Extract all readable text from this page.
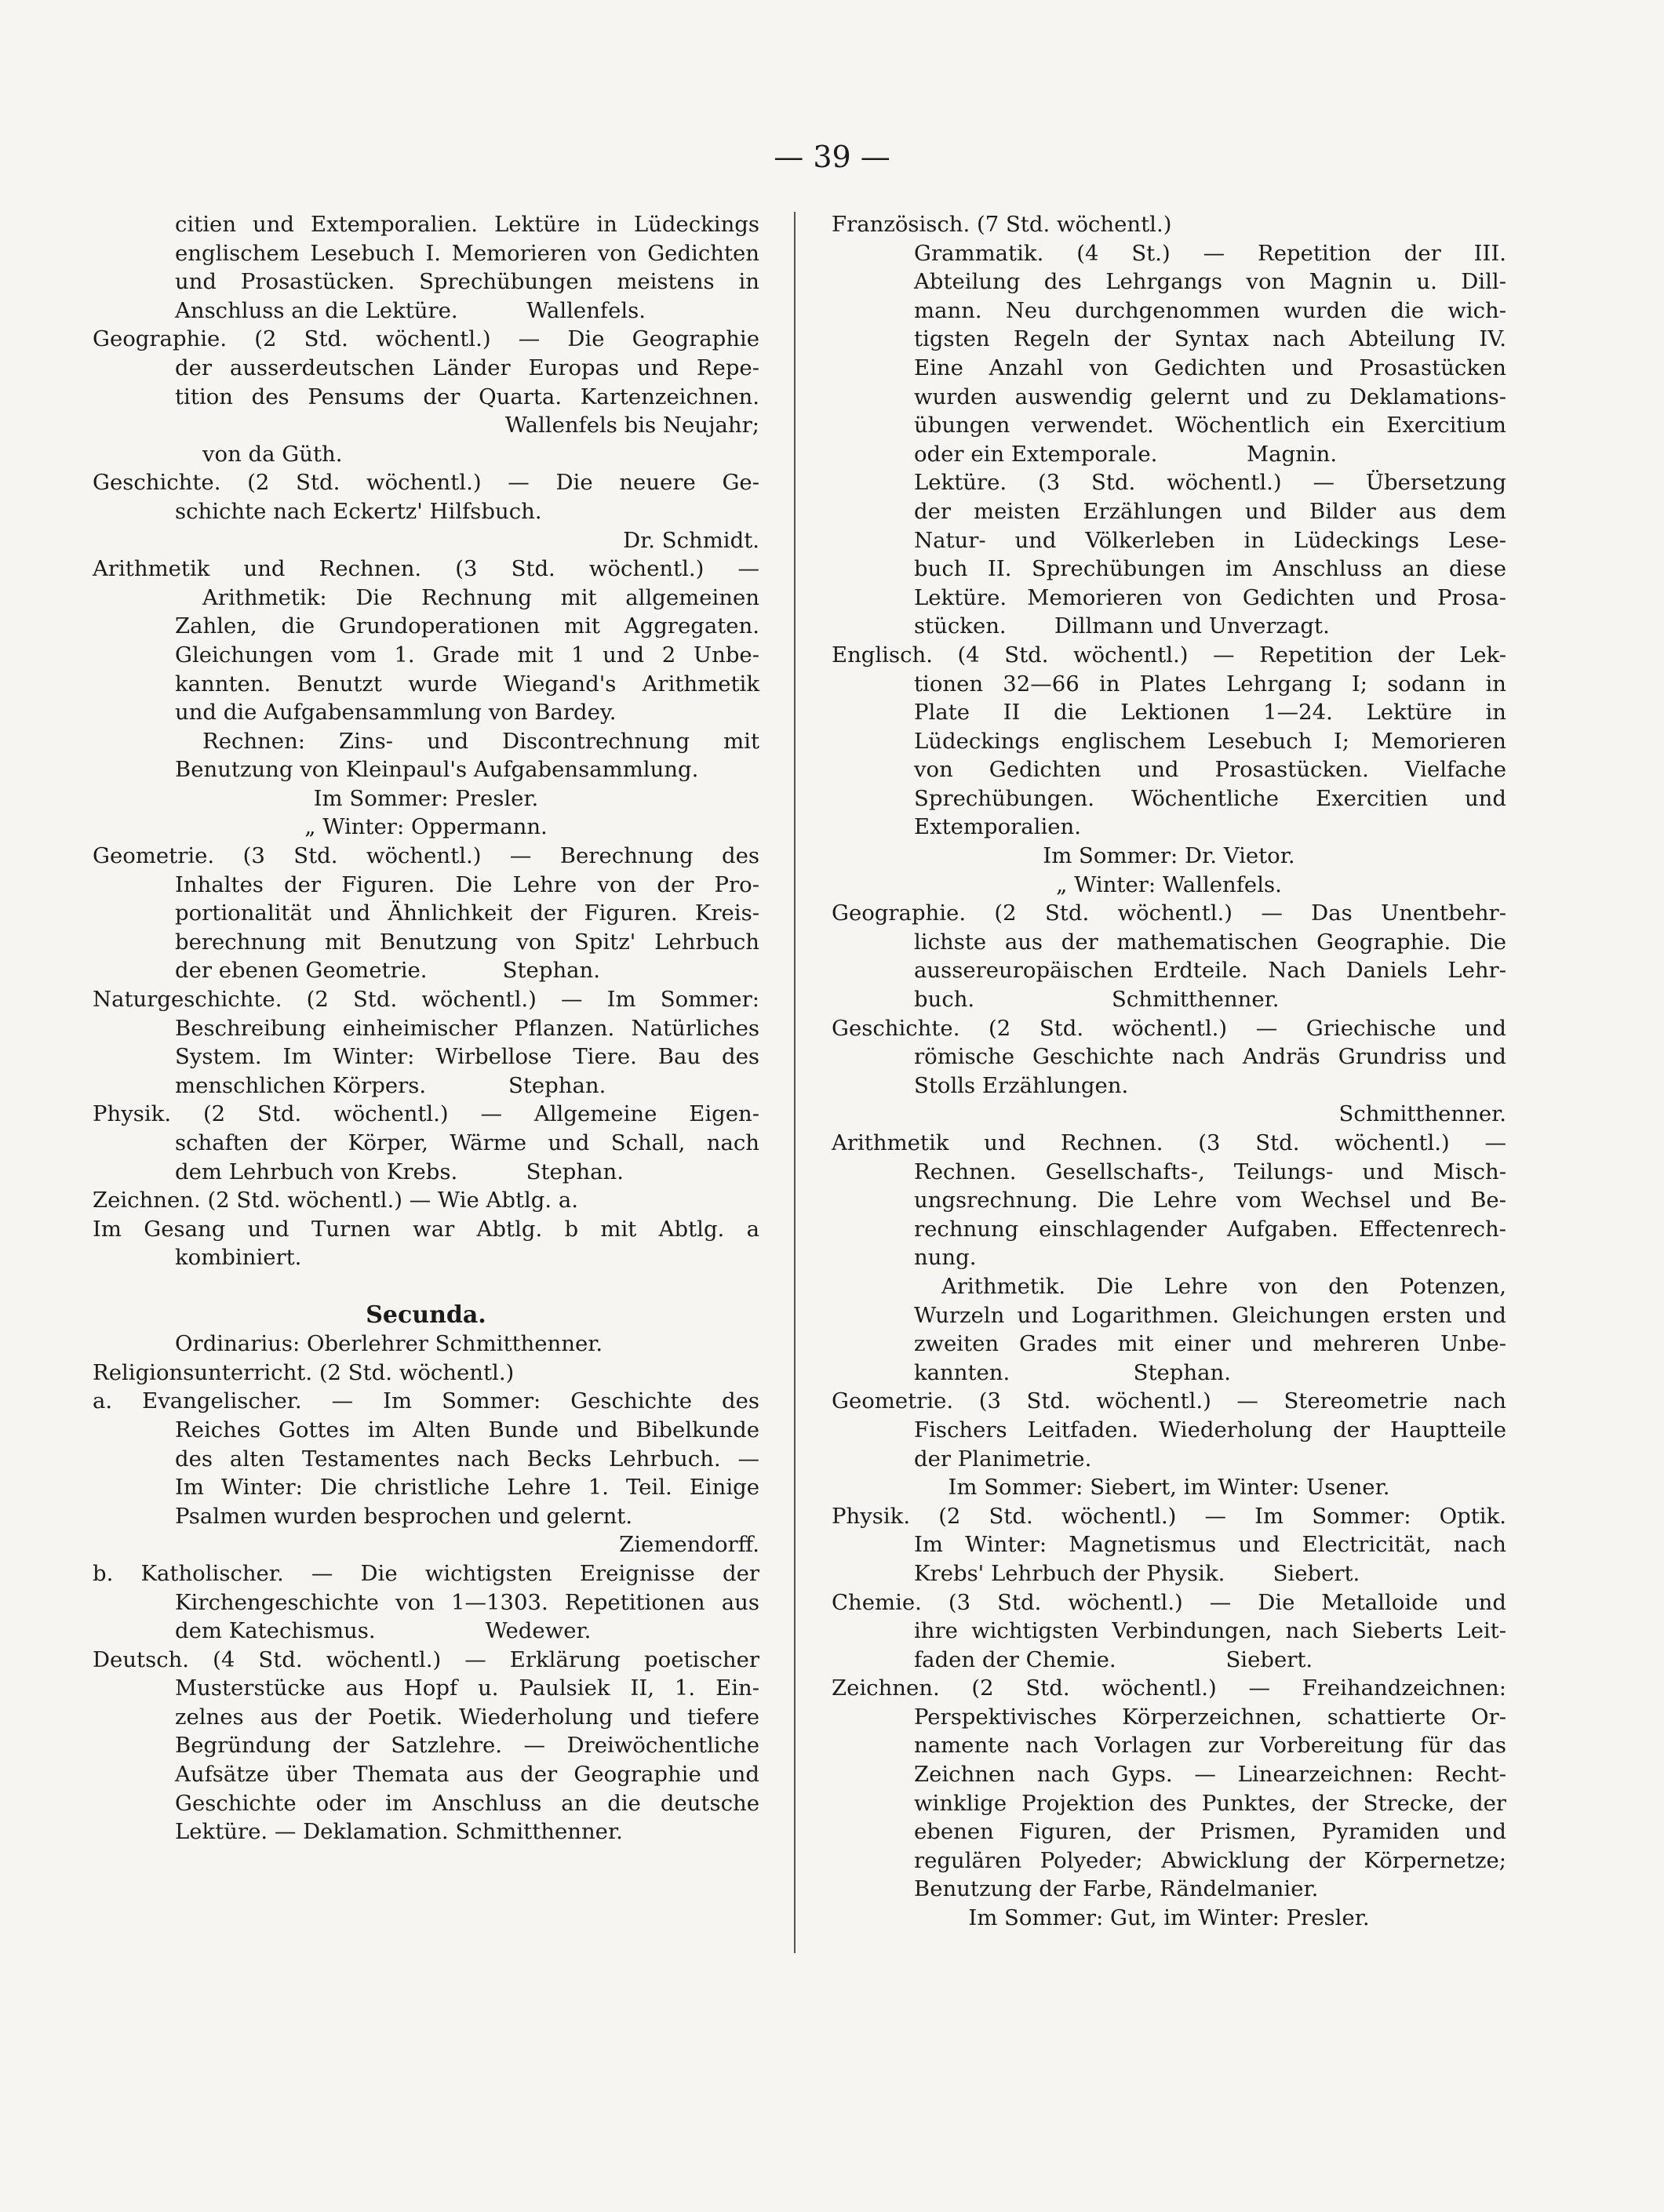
— 39 —
citien und Extemporalien. Lektüre in Lüdeckings
englischem Lesebuch I. Memorieren von Gedichten
und Prosastücken. Sprechübungen meistens in
Anschluss an die Lektüre.          Wallenfels.
Geographie. (2 Std. wöchentl.) — Die Geographie
der ausserdeutschen Länder Europas und Repe-
tition des Pensums der Quarta. Kartenzeichnen.
Wallenfels bis Neujahr;
von da Güth.
Geschichte. (2 Std. wöchentl.) — Die neuere Ge-
schichte nach Eckertz' Hilfsbuch.
Dr. Schmidt.
Arithmetik und Rechnen. (3 Std. wöchentl.) —
Arithmetik: Die Rechnung mit allgemeinen
Zahlen, die Grundoperationen mit Aggregaten.
Gleichungen vom 1. Grade mit 1 und 2 Unbe-
kannten. Benutzt wurde Wiegand's Arithmetik
und die Aufgabensammlung von Bardey.
Rechnen: Zins- und Discontrechnung mit
Benutzung von Kleinpaul's Aufgabensammlung.
Im Sommer: Presler.
„ Winter: Oppermann.
Geometrie. (3 Std. wöchentl.) — Berechnung des
Inhaltes der Figuren. Die Lehre von der Pro-
portionalität und Ähnlichkeit der Figuren. Kreis-
berechnung mit Benutzung von Spitz' Lehrbuch
der ebenen Geometrie.           Stephan.
Naturgeschichte. (2 Std. wöchentl.) — Im Sommer:
Beschreibung einheimischer Pflanzen. Natürliches
System. Im Winter: Wirbellose Tiere. Bau des
menschlichen Körpers.            Stephan.
Physik. (2 Std. wöchentl.) — Allgemeine Eigen-
schaften der Körper, Wärme und Schall, nach
dem Lehrbuch von Krebs.          Stephan.
Zeichnen. (2 Std. wöchentl.) — Wie Abtlg. a.
Im Gesang und Turnen war Abtlg. b mit Abtlg. a
kombiniert.

Secunda.
Ordinarius: Oberlehrer Schmitthenner.
Religionsunterricht. (2 Std. wöchentl.)
a. Evangelischer. — Im Sommer: Geschichte des
Reiches Gottes im Alten Bunde und Bibelkunde
des alten Testamentes nach Becks Lehrbuch. —
Im Winter: Die christliche Lehre 1. Teil. Einige
Psalmen wurden besprochen und gelernt.
Ziemendorff.
b. Katholischer. — Die wichtigsten Ereignisse der
Kirchengeschichte von 1—1303. Repetitionen aus
dem Katechismus.                Wedewer.
Deutsch. (4 Std. wöchentl.) — Erklärung poetischer
Musterstücke aus Hopf u. Paulsiek II, 1. Ein-
zelnes aus der Poetik. Wiederholung und tiefere
Begründung der Satzlehre. — Dreiwöchentliche
Aufsätze über Themata aus der Geographie und
Geschichte oder im Anschluss an die deutsche
Lektüre. — Deklamation. Schmitthenner.
Französisch. (7 Std. wöchentl.)
Grammatik. (4 St.) — Repetition der III.
Abteilung des Lehrgangs von Magnin u. Dill-
mann. Neu durchgenommen wurden die wich-
tigsten Regeln der Syntax nach Abteilung IV.
Eine Anzahl von Gedichten und Prosastücken
wurden auswendig gelernt und zu Deklamations-
übungen verwendet. Wöchentlich ein Exercitium
oder ein Extemporale.             Magnin.
Lektüre. (3 Std. wöchentl.) — Übersetzung
der meisten Erzählungen und Bilder aus dem
Natur- und Völkerleben in Lüdeckings Lese-
buch II. Sprechübungen im Anschluss an diese
Lektüre. Memorieren von Gedichten und Prosa-
stücken.       Dillmann und Unverzagt.
Englisch. (4 Std. wöchentl.) — Repetition der Lek-
tionen 32—66 in Plates Lehrgang I; sodann in
Plate II die Lektionen 1—24. Lektüre in
Lüdeckings englischem Lesebuch I; Memorieren
von Gedichten und Prosastücken. Vielfache
Sprechübungen. Wöchentliche Exercitien und
Extemporalien.
Im Sommer: Dr. Vietor.
„ Winter: Wallenfels.
Geographie. (2 Std. wöchentl.) — Das Unentbehr-
lichste aus der mathematischen Geographie. Die
aussereuropäischen Erdteile. Nach Daniels Lehr-
buch.                    Schmitthenner.
Geschichte. (2 Std. wöchentl.) — Griechische und
römische Geschichte nach Andräs Grundriss und
Stolls Erzählungen.
Schmitthenner.
Arithmetik und Rechnen. (3 Std. wöchentl.) —
Rechnen. Gesellschafts-, Teilungs- und Misch-
ungsrechnung. Die Lehre vom Wechsel und Be-
rechnung einschlagender Aufgaben. Effectenrech-
nung.
Arithmetik. Die Lehre von den Potenzen,
Wurzeln und Logarithmen. Gleichungen ersten und
zweiten Grades mit einer und mehreren Unbe-
kannten.                  Stephan.
Geometrie. (3 Std. wöchentl.) — Stereometrie nach
Fischers Leitfaden. Wiederholung der Hauptteile
der Planimetrie.
Im Sommer: Siebert, im Winter: Usener.
Physik. (2 Std. wöchentl.) — Im Sommer: Optik.
Im Winter: Magnetismus und Electricität, nach
Krebs' Lehrbuch der Physik.       Siebert.
Chemie. (3 Std. wöchentl.) — Die Metalloide und
ihre wichtigsten Verbindungen, nach Sieberts Leit-
faden der Chemie.                Siebert.
Zeichnen. (2 Std. wöchentl.) — Freihandzeichnen:
Perspektivisches Körperzeichnen, schattierte Or-
namente nach Vorlagen zur Vorbereitung für das
Zeichnen nach Gyps. — Linearzeichnen: Recht-
winklige Projektion des Punktes, der Strecke, der
ebenen Figuren, der Prismen, Pyramiden und
regulären Polyeder; Abwicklung der Körpernetze;
Benutzung der Farbe, Rändelmanier.
Im Sommer: Gut, im Winter: Presler.
